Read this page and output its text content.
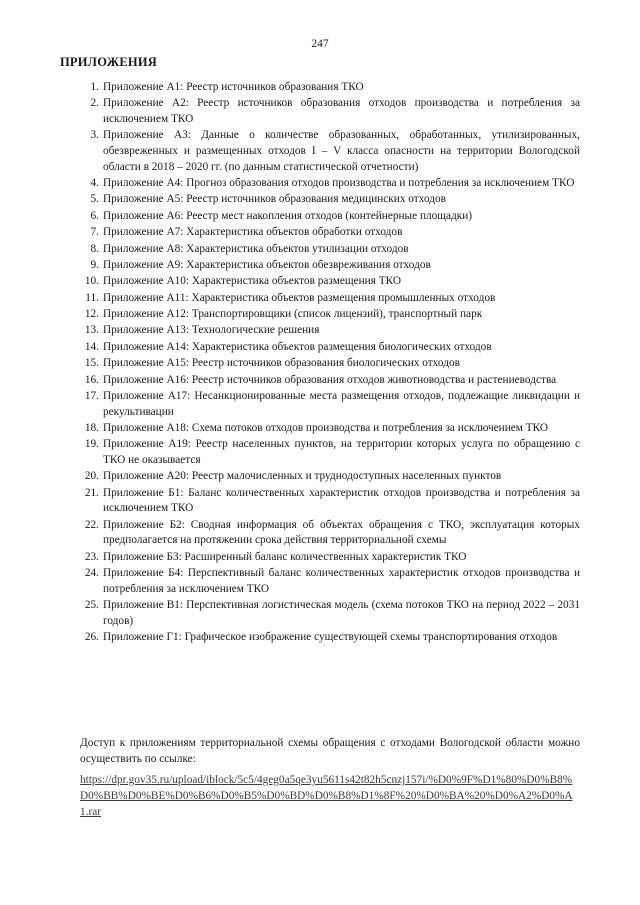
247
ПРИЛОЖЕНИЯ
1. Приложение А1: Реестр источников образования ТКО
2. Приложение А2: Реестр источников образования отходов производства и потребления за исключением ТКО
3. Приложение А3: Данные о количестве образованных, обработанных, утилизированных, обезвреженных и размещенных отходов I – V класса опасности на территории Вологодской области в 2018 – 2020 гг. (по данным статистической отчетности)
4. Приложение А4: Прогноз образования отходов производства и потребления за исключением ТКО
5. Приложение А5: Реестр источников образования медицинских отходов
6. Приложение А6: Реестр мест накопления отходов (контейнерные площадки)
7. Приложение А7: Характеристика объектов обработки отходов
8. Приложение А8: Характеристика объектов утилизации отходов
9. Приложение А9: Характеристика объектов обезвреживания отходов
10. Приложение А10: Характеристика объектов размещения ТКО
11. Приложение А11: Характеристика объектов размещения промышленных отходов
12. Приложение А12: Транспортировщики (список лицензий), транспортный парк
13. Приложение А13: Технологические решения
14. Приложение А14: Характеристика объектов размещения биологических отходов
15. Приложение А15: Реестр источников образования биологических отходов
16. Приложение А16: Реестр источников образования отходов животноводства и растениеводства
17. Приложение А17: Несанкционированные места размещения отходов, подлежащие ликвидации и рекультивации
18. Приложение А18: Схема потоков отходов производства и потребления за исключением ТКО
19. Приложение А19: Реестр населенных пунктов, на территории которых услуга по обращению с ТКО не оказывается
20. Приложение А20: Реестр малочисленных и труднодоступных населенных пунктов
21. Приложение Б1: Баланс количественных характеристик отходов производства и потребления за исключением ТКО
22. Приложение Б2: Сводная информация об объектах обращения с ТКО, эксплуатация которых предполагается на протяжении срока действия территориальной схемы
23. Приложение Б3: Расширенный баланс количественных характеристик ТКО
24. Приложение Б4: Перспективный баланс количественных характеристик отходов производства и потребления за исключением ТКО
25. Приложение В1: Перспективная логистическая модель (схема потоков ТКО на период 2022 – 2031 годов)
26. Приложение Г1: Графическое изображение существующей схемы транспортирования отходов
Доступ к приложениям территориальной схемы обращения с отходами Вологодской области можно осуществить по ссылке:
https://dpr.gov35.ru/upload/iblock/5c5/4geg0a5qe3yu5611s42t82h5cnzj157i/%D0%9F%D1%80%D0%B8%D0%BB%D0%BE%D0%B6%D0%B5%D0%BD%D0%B8%D1%8F%20%D0%BA%20%D0%A2%D0%A1.rar
